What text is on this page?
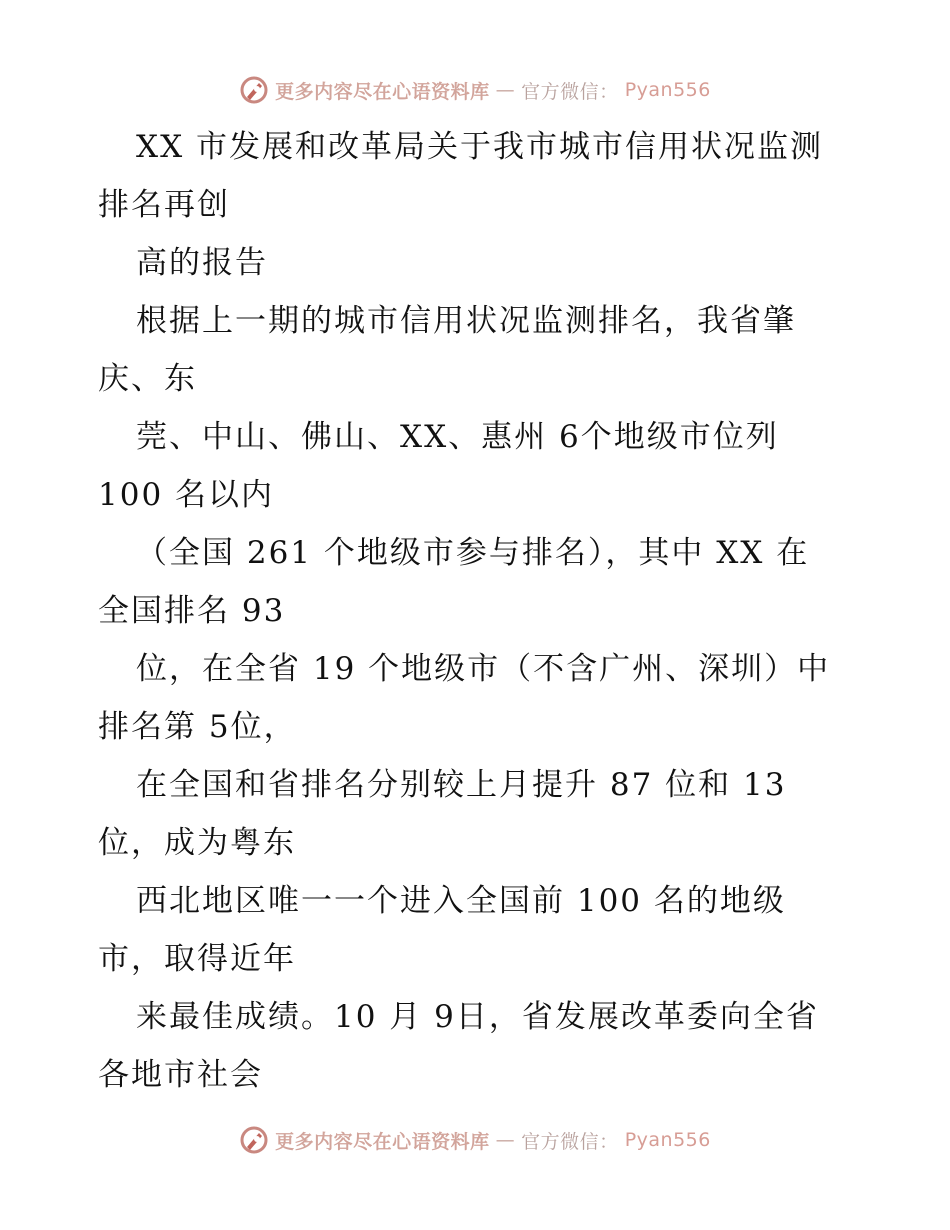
更多内容尽在心语资料库 — 官方微信： Pyan556
XX 市发展和改革局关于我市城市信用状况监测
排名再创
高的报告
根据上一期的城市信用状况监测排名，我省肇
庆、东
莞、中山、佛山、XX、惠州 6个地级市位列
100 名以内
（全国 261 个地级市参与排名），其中 XX 在
全国排名 93
位，在全省 19 个地级市（不含广州、深圳）中
排名第 5位，
在全国和省排名分别较上月提升 87 位和 13
位，成为粤东
西北地区唯一一个进入全国前 100 名的地级
市，取得近年
来最佳成绩。10 月 9日，省发展改革委向全省
各地市社会
更多内容尽在心语资料库 — 官方微信： Pyan556
